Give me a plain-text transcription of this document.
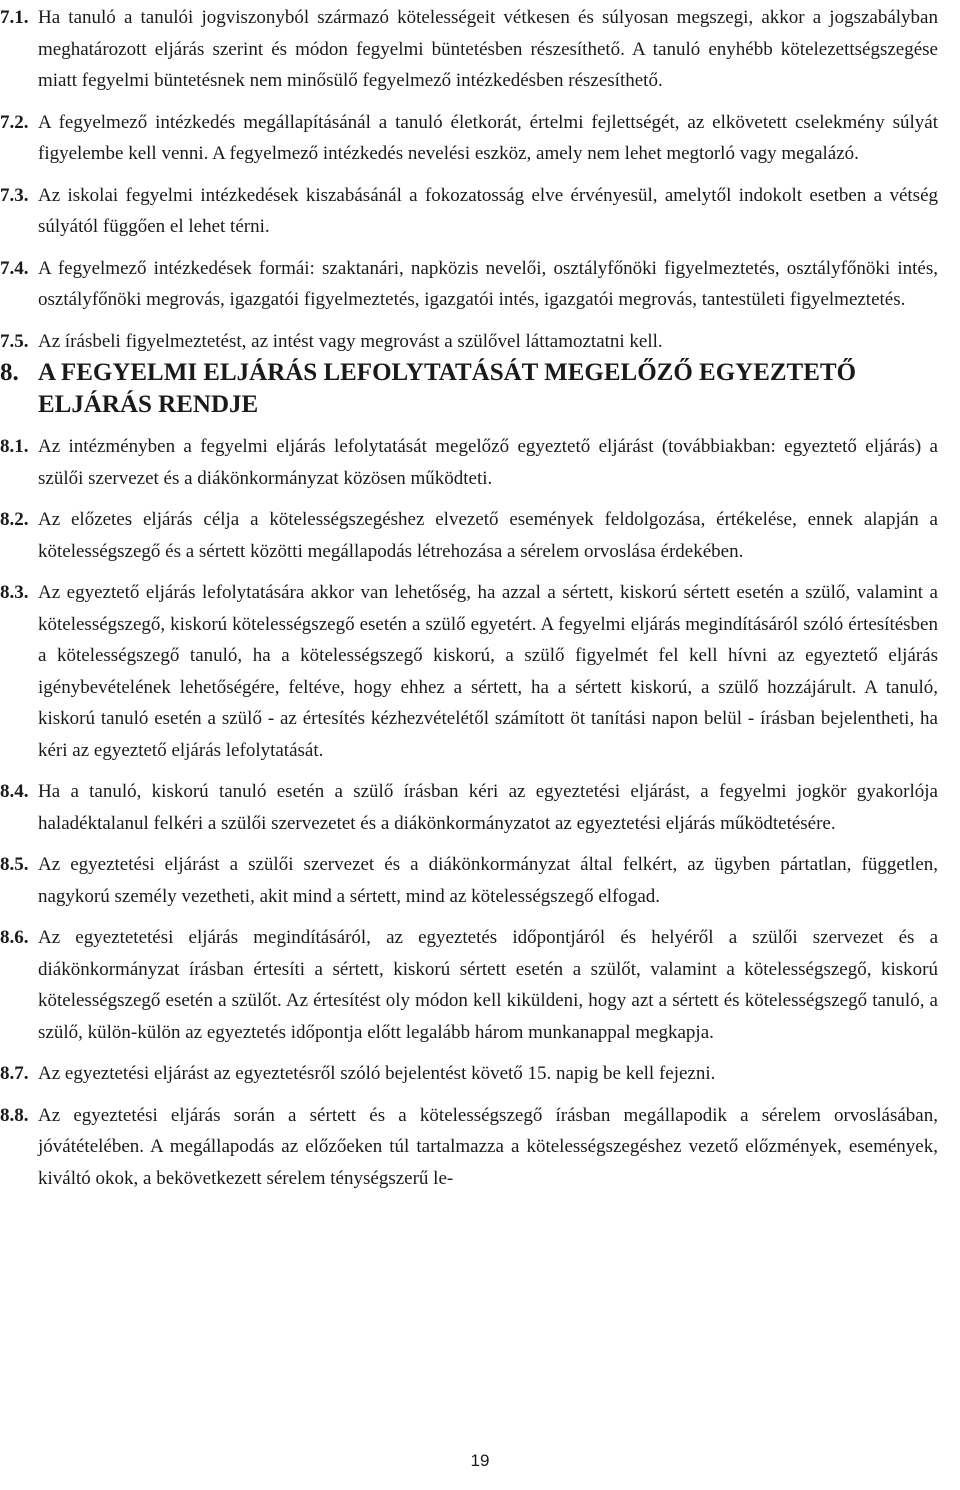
7.1. Ha tanuló a tanulói jogviszonyból származó kötelességeit vétkesen és súlyosan megszegi, akkor a jogszabályban meghatározott eljárás szerint és módon fegyelmi büntetésben részesíthető. A tanuló enyhébb kötelezettségszegése miatt fegyelmi büntetésnek nem minősülő fegyelmező intézkedésben részesíthető.

7.2. A fegyelmező intézkedés megállapításánál a tanuló életkorát, értelmi fejlettségét, az elkövetett cselekmény súlyát figyelembe kell venni. A fegyelmező intézkedés nevelési eszköz, amely nem lehet megtorló vagy megalázó.

7.3. Az iskolai fegyelmi intézkedések kiszabásánál a fokozatosság elve érvényesül, amelytől indokolt esetben a vétség súlyától függően el lehet térni.

7.4. A fegyelmező intézkedések formái: szaktanári, napközis nevelői, osztályfőnöki figyelmeztetés, osztályfőnöki intés, osztályfőnöki megrovás, igazgatói figyelmeztetés, igazgatói intés, igazgatói megrovás, tantestületi figyelmeztetés.

7.5. Az írásbeli figyelmeztetést, az intést vagy megrovást a szülővel láttamoztatni kell.

8. A FEGYELMI ELJÁRÁS LEFOLYTATÁSÁT MEGELŐZŐ EGYEZTETŐ ELJÁRÁS RENDJE

8.1. Az intézményben a fegyelmi eljárás lefolytatását megelőző egyeztető eljárást (továbbiakban: egyeztető eljárás) a szülői szervezet és a diákönkormányzat közösen működteti.

8.2. Az előzetes eljárás célja a kötelességszegéshez elvezető események feldolgozása, értékelése, ennek alapján a kötelességszegő és a sértett közötti megállapodás létrehozása a sérelem orvoslása érdekében.

8.3. Az egyeztető eljárás lefolytatására akkor van lehetőség, ha azzal a sértett, kiskorú sértett esetén a szülő, valamint a kötelességszegő, kiskorú kötelességszegő esetén a szülő egyetért. A fegyelmi eljárás megindításáról szóló értesítésben a kötelességszegő tanuló, ha a kötelességszegő kiskorú, a szülő figyelmét fel kell hívni az egyeztető eljárás igénybevételének lehetőségére, feltéve, hogy ehhez a sértett, ha a sértett kiskorú, a szülő hozzájárult. A tanuló, kiskorú tanuló esetén a szülő - az értesítés kézhezvételétől számított öt tanítási napon belül - írásban bejelentheti, ha kéri az egyeztető eljárás lefolytatását.

8.4. Ha a tanuló, kiskorú tanuló esetén a szülő írásban kéri az egyeztetési eljárást, a fegyelmi jogkör gyakorlója haladéktalanul felkéri a szülői szervezetet és a diákönkormányzatot az egyeztetési eljárás működtetésére.

8.5. Az egyeztetési eljárást a szülői szervezet és a diákönkormányzat által felkért, az ügyben pártatlan, független, nagykorú személy vezetheti, akit mind a sértett, mind az kötelességszegő elfogad.

8.6. Az egyeztetetési eljárás megindításáról, az egyeztetés időpontjáról és helyéről a szülői szervezet és a diákönkormányzat írásban értesíti a sértett, kiskorú sértett esetén a szülőt, valamint a kötelességszegő, kiskorú kötelességszegő esetén a szülőt. Az értesítést oly módon kell kiküldeni, hogy azt a sértett és kötelességszegő tanuló, a szülő, külön-külön az egyeztetés időpontja előtt legalább három munkanappal megkapja.

8.7. Az egyeztetési eljárást az egyeztetésről szóló bejelentést követő 15. napig be kell fejezni.

8.8. Az egyeztetési eljárás során a sértett és a kötelességszegő írásban megállapodik a sérelem orvoslásában, jóvátételében. A megállapodás az előzőeken túl tartalmazza a kötelességszegéshez vezető előzmények, események, kiváltó okok, a bekövetkezett sérelem ténységszerű le-

19
